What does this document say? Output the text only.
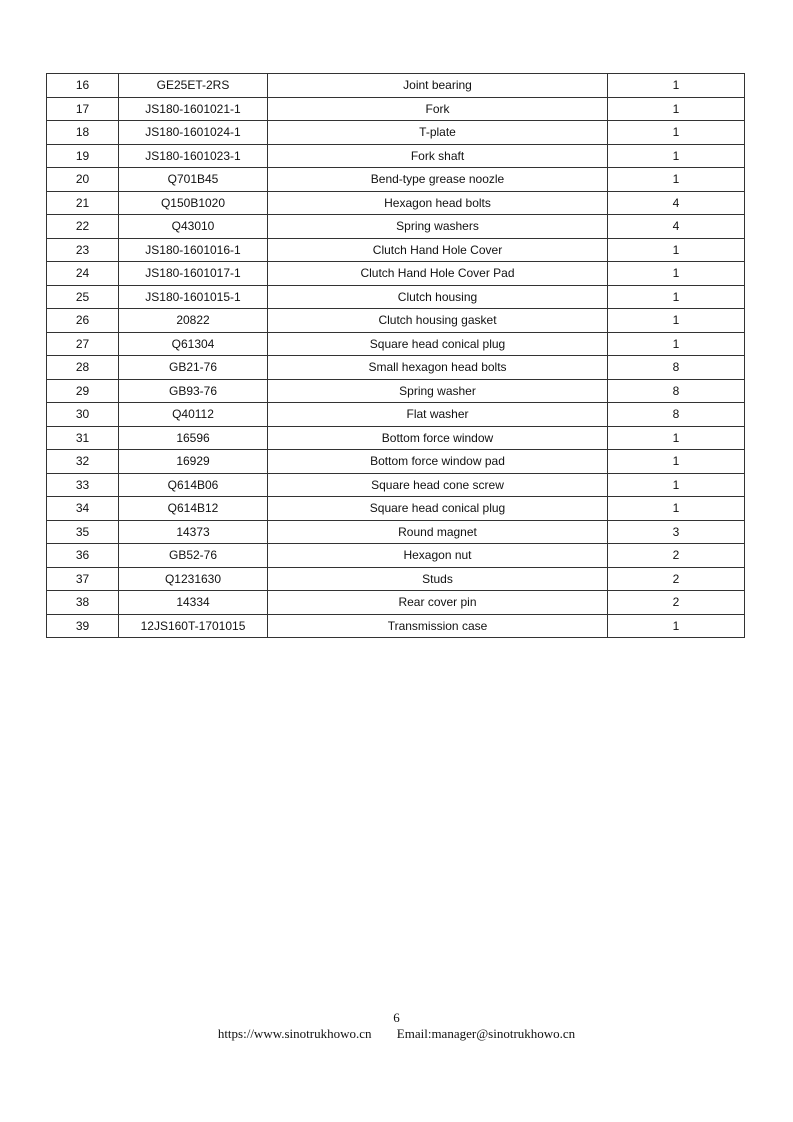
16	GE25ET-2RS	Joint bearing	1
17	JS180-1601021-1	Fork	1
18	JS180-1601024-1	T-plate	1
19	JS180-1601023-1	Fork shaft	1
20	Q701B45	Bend-type grease noozle	1
21	Q150B1020	Hexagon head bolts	4
22	Q43010	Spring washers	4
23	JS180-1601016-1	Clutch Hand Hole Cover	1
24	JS180-1601017-1	Clutch Hand Hole Cover Pad	1
25	JS180-1601015-1	Clutch housing	1
26	20822	Clutch housing gasket	1
27	Q61304	Square head conical plug	1
28	GB21-76	Small hexagon head bolts	8
29	GB93-76	Spring washer	8
30	Q40112	Flat washer	8
31	16596	Bottom force window	1
32	16929	Bottom force window pad	1
33	Q614B06	Square head cone screw	1
34	Q614B12	Square head conical plug	1
35	14373	Round magnet	3
36	GB52-76	Hexagon nut	2
37	Q1231630	Studs	2
38	14334	Rear cover pin	2
39	12JS160T-1701015	Transmission case	1
6
https://www.sinotrukhowo.cn Email:manager@sinotrukhowo.cn
